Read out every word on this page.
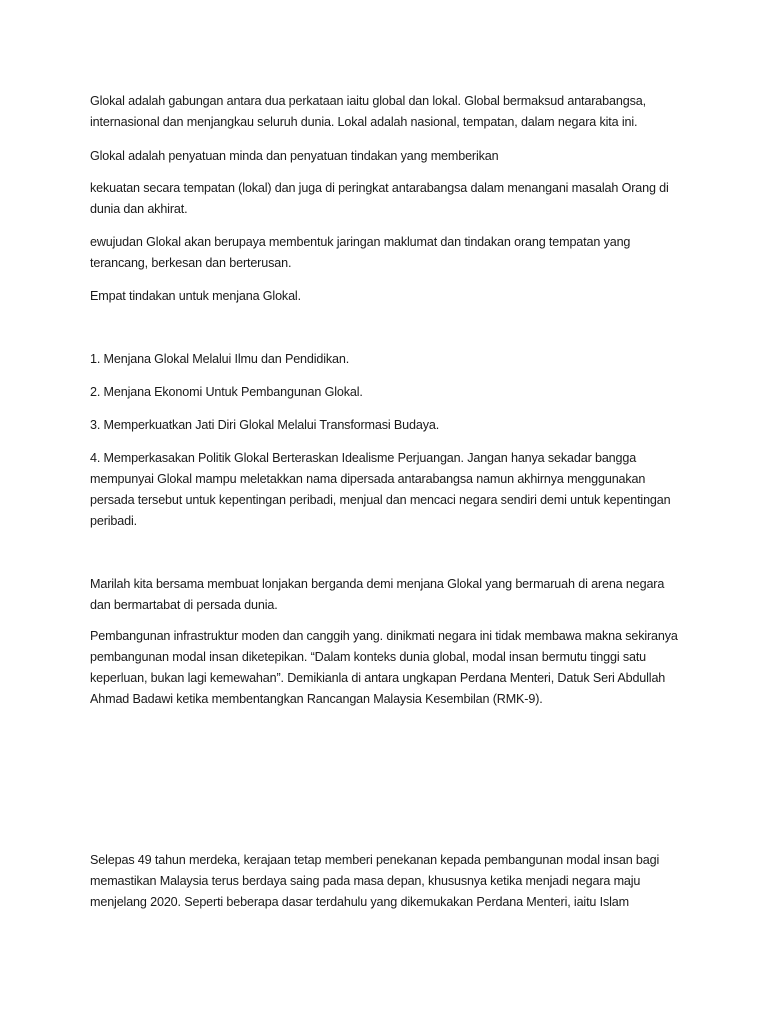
Glokal adalah gabungan antara dua perkataan iaitu global dan lokal. Global bermaksud antarabangsa, internasional dan menjangkau seluruh dunia. Lokal adalah nasional, tempatan, dalam negara kita ini.

Glokal adalah penyatuan minda dan penyatuan tindakan yang memberikan

kekuatan secara tempatan (lokal) dan juga di peringkat antarabangsa dalam menangani masalah Orang di dunia dan akhirat.

ewujudan Glokal akan berupaya membentuk jaringan maklumat dan tindakan orang tempatan yang terancang, berkesan dan berterusan.

Empat tindakan untuk menjana Glokal.

1. Menjana Glokal Melalui Ilmu dan Pendidikan.

2. Menjana Ekonomi Untuk Pembangunan Glokal.

3. Memperkuatkan Jati Diri Glokal Melalui Transformasi Budaya.

4. Memperkasakan Politik Glokal Berteraskan Idealisme Perjuangan. Jangan hanya sekadar bangga mempunyai Glokal mampu meletakkan nama dipersada antarabangsa namun akhirnya menggunakan persada tersebut untuk kepentingan peribadi, menjual dan mencaci negara sendiri demi untuk kepentingan peribadi.

Marilah kita bersama membuat lonjakan berganda demi menjana Glokal yang bermaruah di arena negara dan bermartabat di persada dunia.

Pembangunan infrastruktur moden dan canggih yang. dinikmati negara ini tidak membawa makna sekiranya pembangunan modal insan diketepikan. “Dalam konteks dunia global, modal insan bermutu tinggi satu keperluan, bukan lagi kemewahan”. Demikianla di antara ungkapan Perdana Menteri, Datuk Seri Abdullah Ahmad Badawi ketika membentangkan Rancangan Malaysia Kesembilan (RMK-9).

Selepas 49 tahun merdeka, kerajaan tetap memberi penekanan kepada pembangunan modal insan bagi memastikan Malaysia terus berdaya saing pada masa depan, khususnya ketika menjadi negara maju menjelang 2020. Seperti beberapa dasar terdahulu yang dikemukakan Perdana Menteri, iaitu Islam
